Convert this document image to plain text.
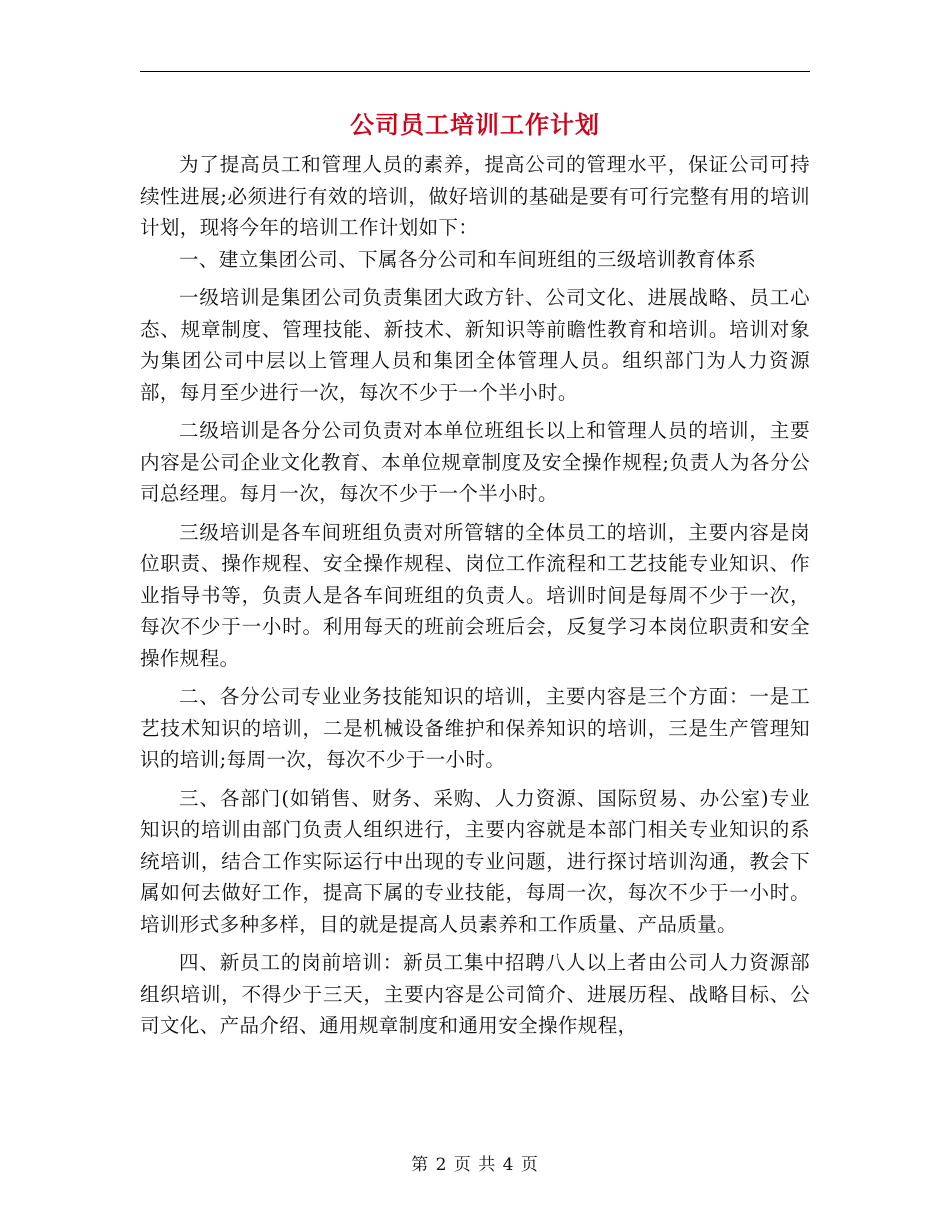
公司员工培训工作计划

为了提高员工和管理人员的素养，提高公司的管理水平，保证公司可持续性进展;必须进行有效的培训，做好培训的基础是要有可行完整有用的培训计划，现将今年的培训工作计划如下：

一、建立集团公司、下属各分公司和车间班组的三级培训教育体系

一级培训是集团公司负责集团大政方针、公司文化、进展战略、员工心态、规章制度、管理技能、新技术、新知识等前瞻性教育和培训。培训对象为集团公司中层以上管理人员和集团全体管理人员。组织部门为人力资源部，每月至少进行一次，每次不少于一个半小时。

二级培训是各分公司负责对本单位班组长以上和管理人员的培训，主要内容是公司企业文化教育、本单位规章制度及安全操作规程;负责人为各分公司总经理。每月一次，每次不少于一个半小时。

三级培训是各车间班组负责对所管辖的全体员工的培训，主要内容是岗位职责、操作规程、安全操作规程、岗位工作流程和工艺技能专业知识、作业指导书等，负责人是各车间班组的负责人。培训时间是每周不少于一次，每次不少于一小时。利用每天的班前会班后会，反复学习本岗位职责和安全操作规程。

二、各分公司专业业务技能知识的培训，主要内容是三个方面：一是工艺技术知识的培训，二是机械设备维护和保养知识的培训，三是生产管理知识的培训;每周一次，每次不少于一小时。

三、各部门(如销售、财务、采购、人力资源、国际贸易、办公室)专业知识的培训由部门负责人组织进行，主要内容就是本部门相关专业知识的系统培训，结合工作实际运行中出现的专业问题，进行探讨培训沟通，教会下属如何去做好工作，提高下属的专业技能，每周一次，每次不少于一小时。培训形式多种多样，目的就是提高人员素养和工作质量、产品质量。

四、新员工的岗前培训：新员工集中招聘八人以上者由公司人力资源部组织培训，不得少于三天，主要内容是公司简介、进展历程、战略目标、公司文化、产品介绍、通用规章制度和通用安全操作规程，

第 2 页 共 4 页
